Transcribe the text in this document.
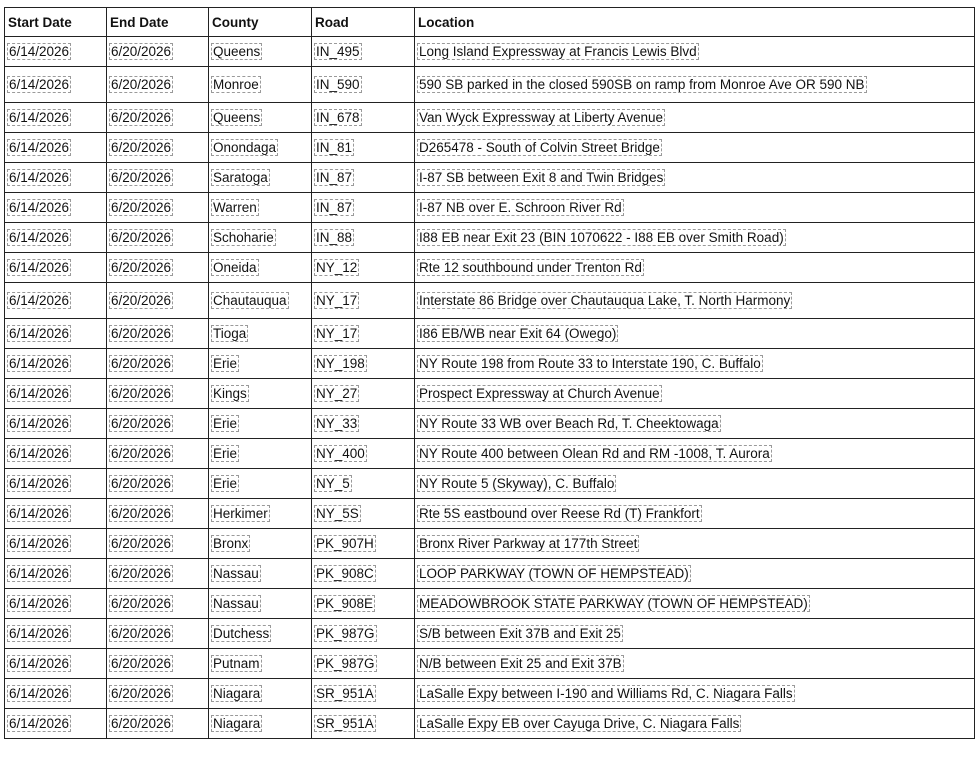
Start Date	End Date	County	Road	Location
6/14/2026	6/20/2026	Queens	IN_495	Long Island Expressway at Francis Lewis Blvd
6/14/2026	6/20/2026	Monroe	IN_590	590 SB parked in the closed 590SB on ramp from Monroe Ave OR 590 NB
6/14/2026	6/20/2026	Queens	IN_678	Van Wyck Expressway at Liberty Avenue
6/14/2026	6/20/2026	Onondaga	IN_81	D265478 - South of Colvin Street Bridge
6/14/2026	6/20/2026	Saratoga	IN_87	I-87 SB between Exit 8 and Twin Bridges
6/14/2026	6/20/2026	Warren	IN_87	I-87 NB over E. Schroon River Rd
6/14/2026	6/20/2026	Schoharie	IN_88	I88 EB near Exit 23 (BIN 1070622 - I88 EB over Smith Road)
6/14/2026	6/20/2026	Oneida	NY_12	Rte 12 southbound under Trenton Rd
6/14/2026	6/20/2026	Chautauqua	NY_17	Interstate 86 Bridge over Chautauqua Lake, T. North Harmony
6/14/2026	6/20/2026	Tioga	NY_17	I86 EB/WB near Exit 64 (Owego)
6/14/2026	6/20/2026	Erie	NY_198	NY Route 198 from Route 33 to Interstate 190, C. Buffalo
6/14/2026	6/20/2026	Kings	NY_27	Prospect Expressway at Church Avenue
6/14/2026	6/20/2026	Erie	NY_33	NY Route 33 WB over Beach Rd, T. Cheektowaga
6/14/2026	6/20/2026	Erie	NY_400	NY Route 400 between Olean Rd and RM -1008, T. Aurora
6/14/2026	6/20/2026	Erie	NY_5	NY Route 5 (Skyway), C. Buffalo
6/14/2026	6/20/2026	Herkimer	NY_5S	Rte 5S eastbound over Reese Rd (T) Frankfort
6/14/2026	6/20/2026	Bronx	PK_907H	Bronx River Parkway at 177th Street
6/14/2026	6/20/2026	Nassau	PK_908C	LOOP PARKWAY (TOWN OF HEMPSTEAD)
6/14/2026	6/20/2026	Nassau	PK_908E	MEADOWBROOK STATE PARKWAY (TOWN OF HEMPSTEAD)
6/14/2026	6/20/2026	Dutchess	PK_987G	S/B between Exit 37B and Exit 25
6/14/2026	6/20/2026	Putnam	PK_987G	N/B between Exit 25 and Exit 37B
6/14/2026	6/20/2026	Niagara	SR_951A	LaSalle Expy between I-190 and Williams Rd, C. Niagara Falls
6/14/2026	6/20/2026	Niagara	SR_951A	LaSalle Expy EB over Cayuga Drive, C. Niagara Falls
